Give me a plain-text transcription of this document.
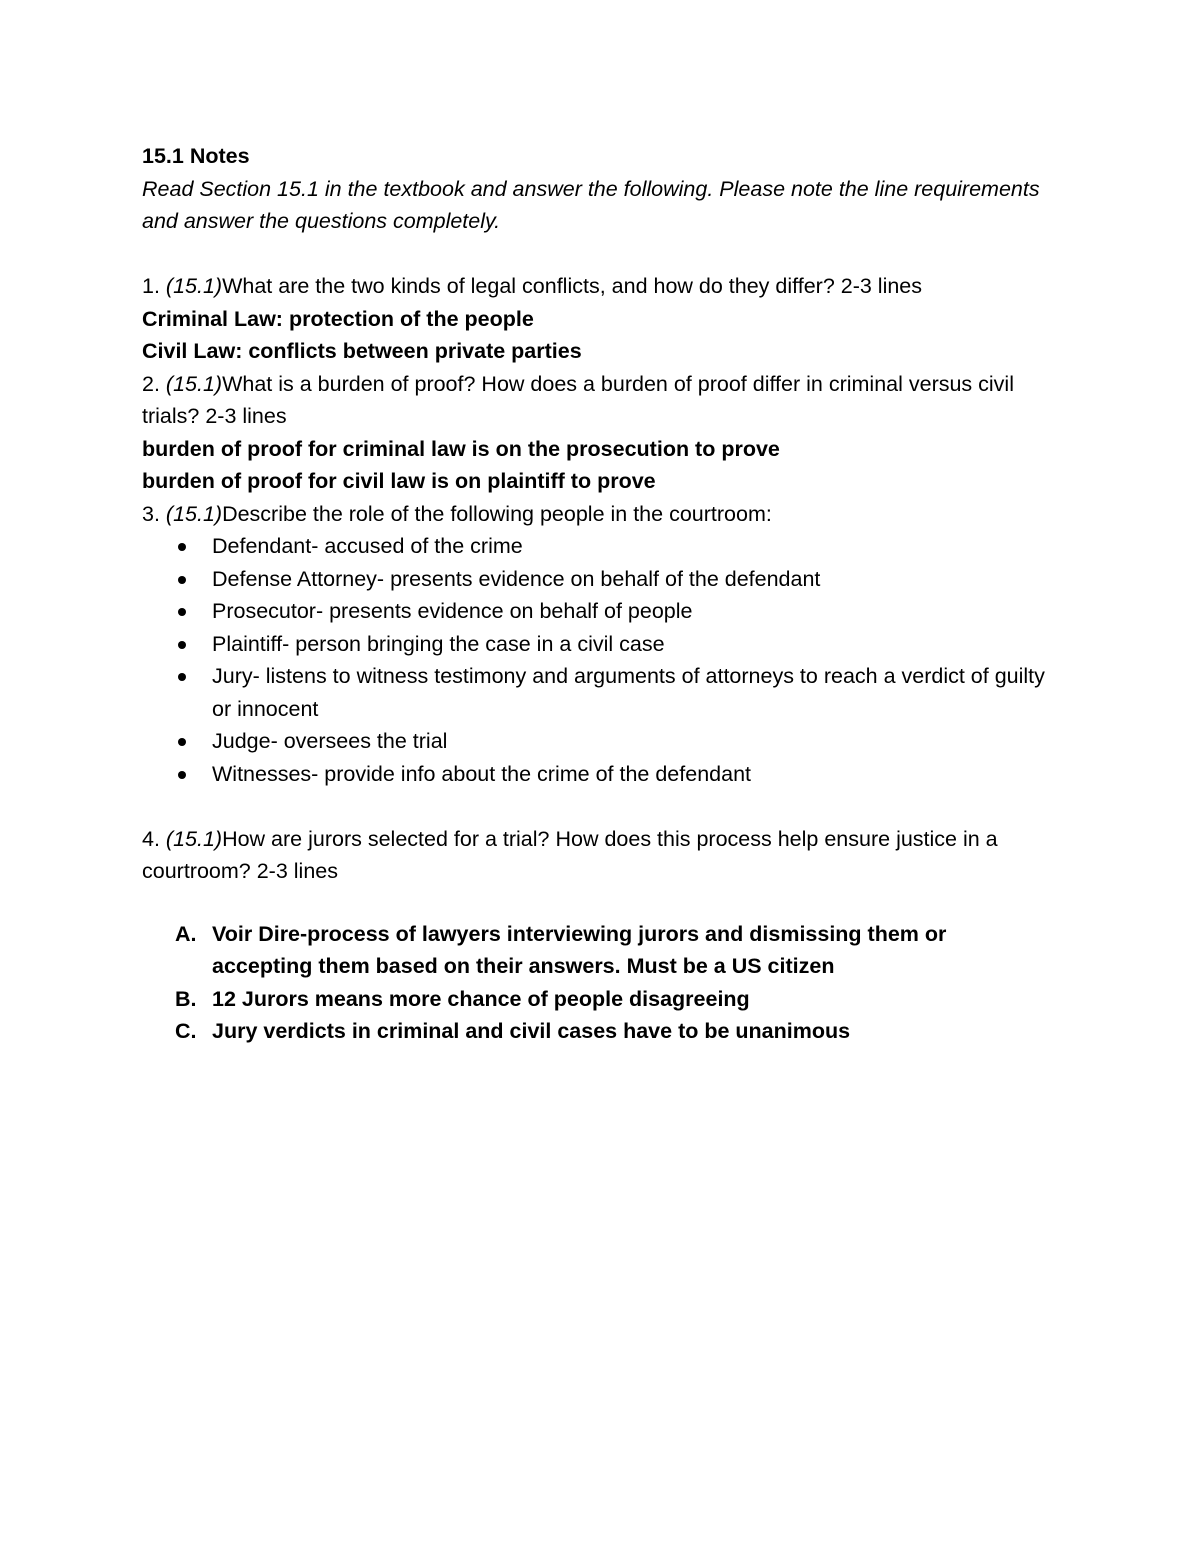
15.1 Notes
Read Section 15.1 in the textbook and answer the following. Please note the line requirements and answer the questions completely.
1. (15.1)What are the two kinds of legal conflicts, and how do they differ? 2-3 lines
Criminal Law: protection of the people
Civil Law: conflicts between private parties
2. (15.1)What is a burden of proof? How does a burden of proof differ in criminal versus civil trials? 2-3 lines
burden of proof for criminal law is on the prosecution to prove
burden of proof for civil law is on plaintiff to prove
3. (15.1)Describe the role of the following people in the courtroom:
Defendant- accused of the crime
Defense Attorney- presents evidence on behalf of the defendant
Prosecutor- presents evidence on behalf of people
Plaintiff- person bringing the case in a civil case
Jury- listens to witness testimony and arguments of attorneys to reach a verdict of guilty or innocent
Judge- oversees the trial
Witnesses- provide info about the crime of the defendant
4. (15.1)How are jurors selected for a trial? How does this process help ensure justice in a courtroom? 2-3 lines
A. Voir Dire-process of lawyers interviewing jurors and dismissing them or accepting them based on their answers. Must be a US citizen
B. 12 Jurors means more chance of people disagreeing
C. Jury verdicts in criminal and civil cases have to be unanimous
